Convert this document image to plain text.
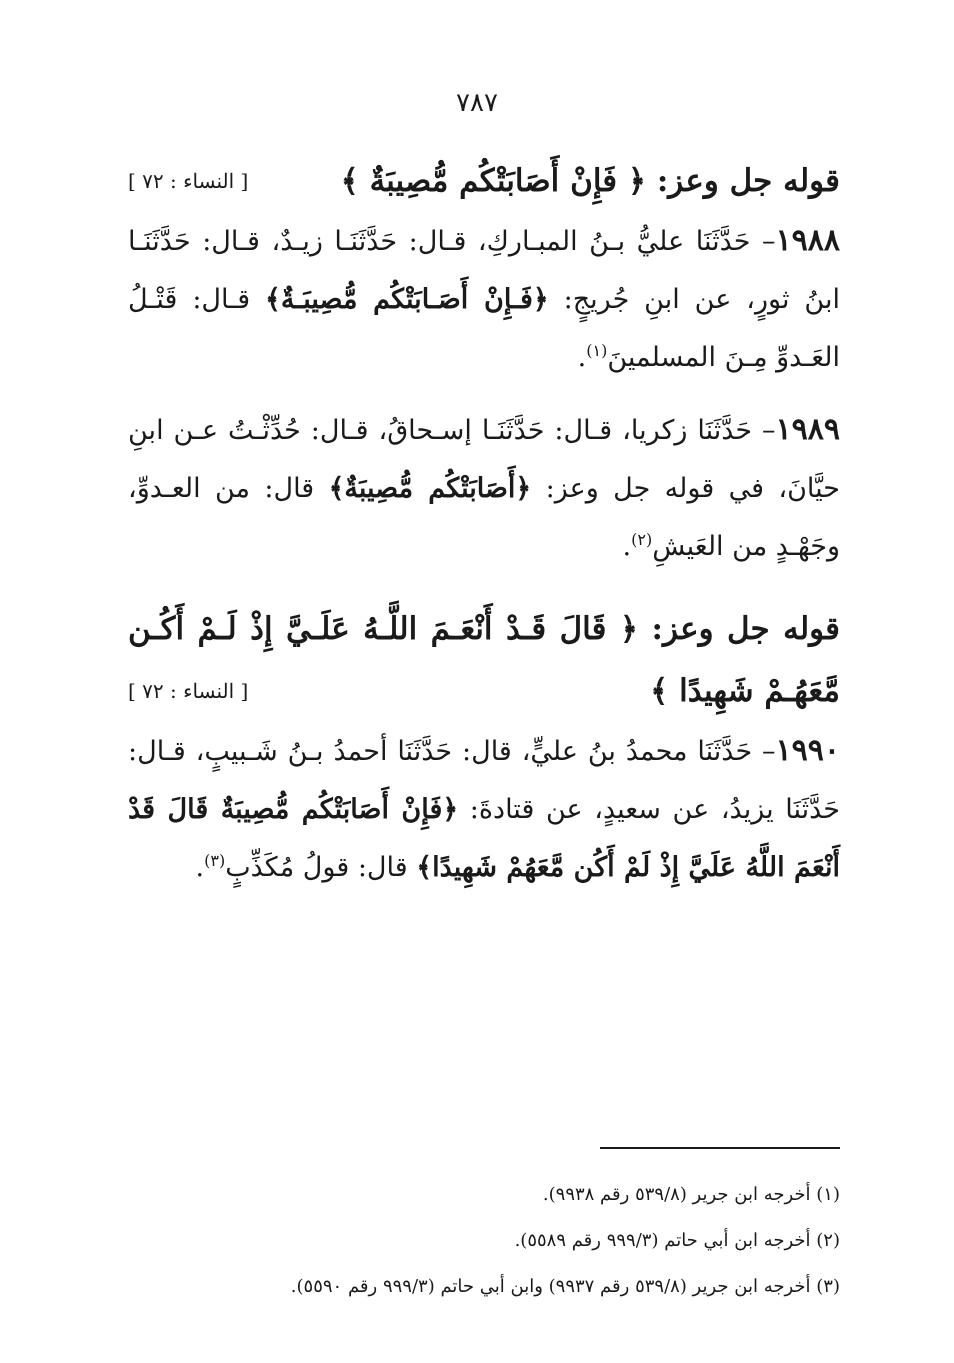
٧٨٧
[ النساء : ٧٢ ]	قوله جل وعز: ﴿ فَإِنْ أَصَابَتْكُم مُّصِيبَةٌ ﴾

١٩٨٨– حَدَّثَنَا عليُّ بـنُ المبـاركِ، قـال: حَدَّثَنَـا زيـدٌ، قـال: حَدَّثَنَـا ابنُ ثورٍ، عن ابنِ جُريجٍ: ﴿فَـإِنْ أَصَـابَتْكُم مُّصِيبَـةٌ﴾ قـال: قَتْـلُ العَـدوِّ مِـنَ المسلمينَ$^{(١)}$.

١٩٨٩– حَدَّثَنَا زكريا، قـال: حَدَّثَنَـا إسـحاقُ، قـال: حُدِّثْـتُ عـن ابنِ حيَّانَ، في قوله جل وعز: ﴿أَصَابَتْكُم مُّصِيبَةٌ﴾ قال: من العـدوِّ، وجَهْـدٍ من العَيشِ$^{(٢)}$.

قوله جل وعز: ﴿ قَالَ قَـدْ أَنْعَـمَ اللَّـهُ عَلَـيَّ إِذْ لَـمْ أَكُـن مَّعَهُـمْ شَهِيدًا ﴾
[ النساء : ٧٢ ]

١٩٩٠– حَدَّثَنَا محمدُ بنُ عليٍّ، قال: حَدَّثَنَا أحمدُ بـنُ شَـبيبٍ، قـال: حَدَّثَنَا يزيدُ، عن سعيدٍ، عن قتادةَ: ﴿فَإِنْ أَصَابَتْكُم مُّصِيبَةٌ قَالَ قَدْ أَنْعَمَ اللَّهُ عَلَيَّ إِذْ لَمْ أَكُن مَّعَهُمْ شَهِيدًا﴾ قال: قولُ مُكَذِّبٍ$^{(٣)}$.

(١) أخرجه ابن جرير (٥٣٩/٨ رقم ٩٩٣٨).
(٢) أخرجه ابن أبي حاتم (٩٩٩/٣ رقم ٥٥٨٩).
(٣) أخرجه ابن جرير (٥٣٩/٨ رقم ٩٩٣٧) وابن أبي حاتم (٩٩٩/٣ رقم ٥٥٩٠).
